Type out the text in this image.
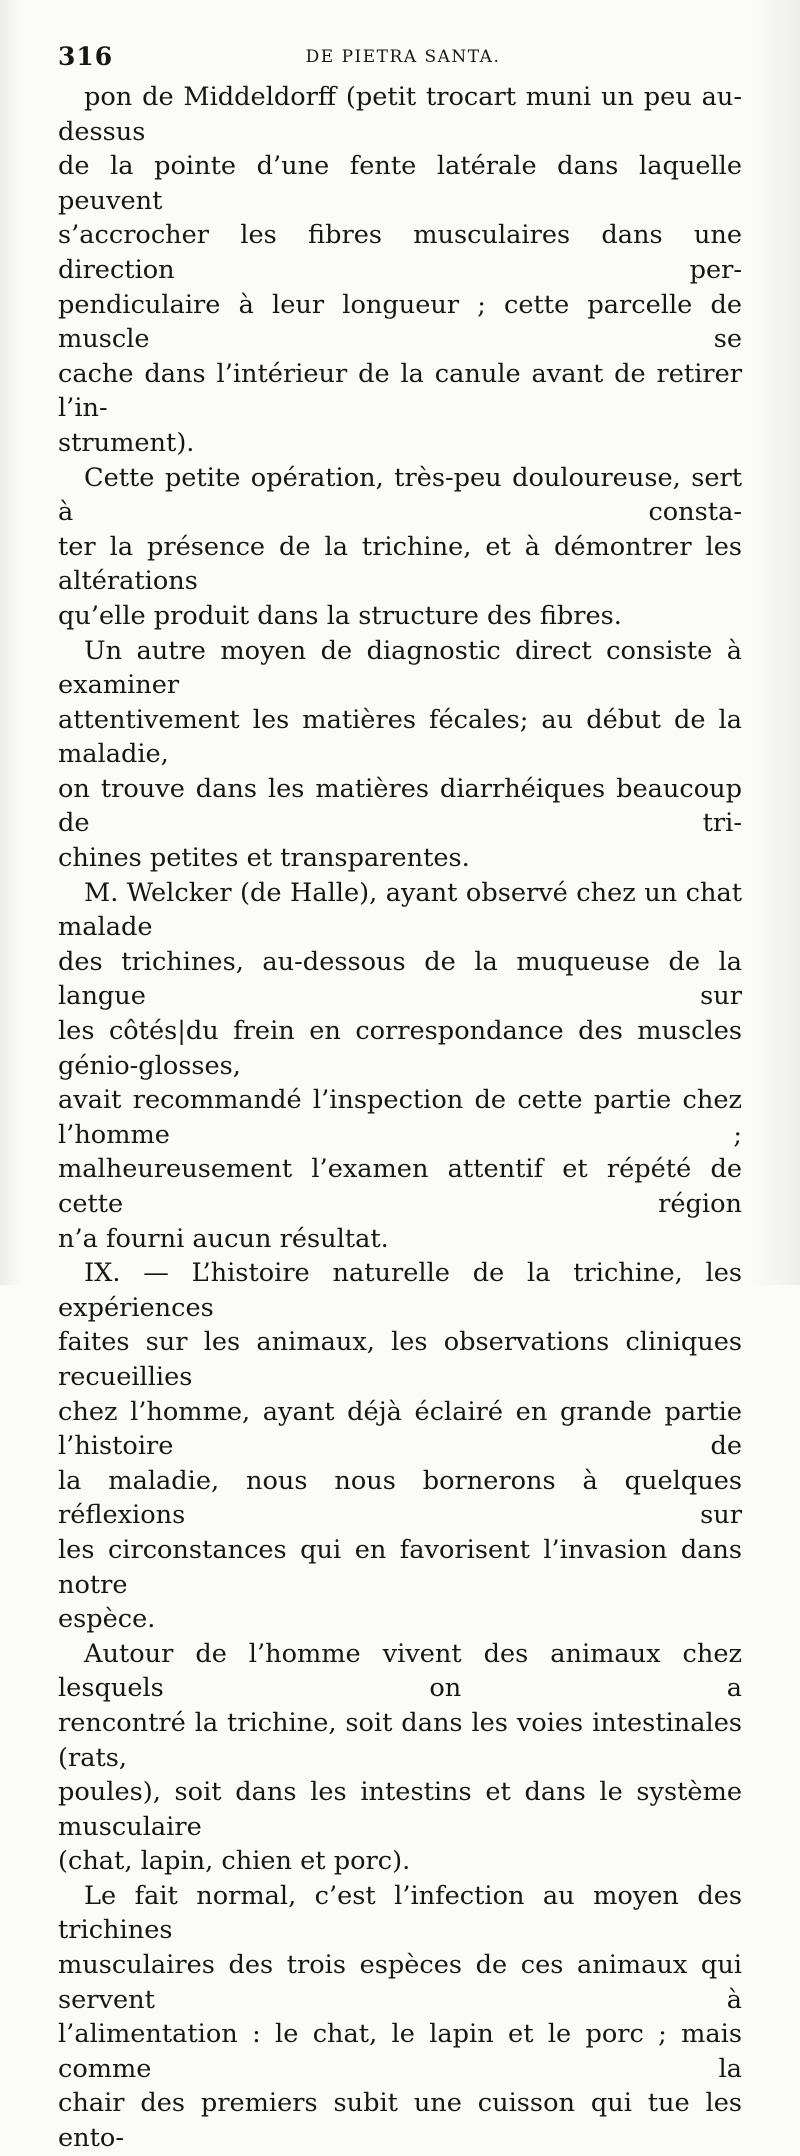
316	DE PIETRA SANTA.

pon de Middeldorff (petit trocart muni un peu au-dessus

de la pointe d’une fente latérale dans laquelle peuvent

s’accrocher les fibres musculaires dans une direction per-

pendiculaire à leur longueur ; cette parcelle de muscle se

cache dans l’intérieur de la canule avant de retirer l’in-

strument).

Cette petite opération, très-peu douloureuse, sert à consta-

ter la présence de la trichine, et à démontrer les altérations

qu’elle produit dans la structure des fibres.

Un autre moyen de diagnostic direct consiste à examiner

attentivement les matières fécales; au début de la maladie,

on trouve dans les matières diarrhéiques beaucoup de tri-

chines petites et transparentes.

M. Welcker (de Halle), ayant observé chez un chat malade

des trichines, au-dessous de la muqueuse de la langue sur

les côtés|du frein en correspondance des muscles génio-glosses,

avait recommandé l’inspection de cette partie chez l’homme ;

malheureusement l’examen attentif et répété de cette région

n’a fourni aucun résultat.

IX. — L’histoire naturelle de la trichine, les expériences

faites sur les animaux, les observations cliniques recueillies

chez l’homme, ayant déjà éclairé en grande partie l’histoire de

la maladie, nous nous bornerons à quelques réflexions sur

les circonstances qui en favorisent l’invasion dans notre

espèce.

Autour de l’homme vivent des animaux chez lesquels on a

rencontré la trichine, soit dans les voies intestinales (rats,

poules), soit dans les intestins et dans le système musculaire

(chat, lapin, chien et porc).

Le fait normal, c’est l’infection au moyen des trichines

musculaires des trois espèces de ces animaux qui servent à

l’alimentation : le chat, le lapin et le porc ; mais comme la

chair des premiers subit une cuisson qui tue les ento-
